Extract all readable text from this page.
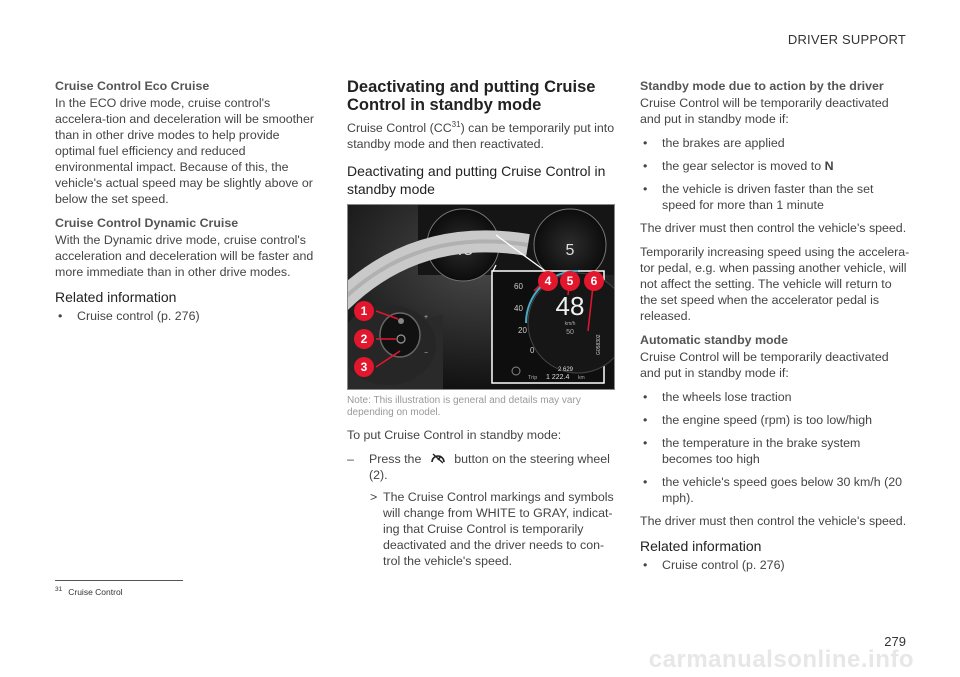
DRIVER SUPPORT
Cruise Control Eco Cruise

In the ECO drive mode, cruise control's accelera-tion and deceleration will be smoother than in other drive modes to help provide optimal fuel efficiency and reduced environmental impact. Because of this, the vehicle's actual speed may be slightly above or below the set speed.

Cruise Control Dynamic Cruise

With the Dynamic drive mode, cruise control's acceleration and deceleration will be faster and more immediate than in other drive modes.

Related information
• Cruise control (p. 276)
Deactivating and putting Cruise Control in standby mode

Cruise Control (CC$^{31}$) can be temporarily put into standby mode and then reactivated.

Deactivating and putting Cruise Control in standby mode
48	5
+
−
60
40
20
0
48
km/h
50
2 629
Trip 1 222.4 km
G058302
1
2
3
4 5 6

Note: This illustration is general and details may vary depending on model.

To put Cruise Control in standby mode:

– Press the	button on the steering wheel (2).
> The Cruise Control markings and symbols will change from WHITE to GRAY, indicat-ing that Cruise Control is temporarily deactivated and the driver needs to con-trol the vehicle's speed.
Standby mode due to action by the driver

Cruise Control will be temporarily deactivated and put in standby mode if:

• the brakes are applied
• the gear selector is moved to N
• the vehicle is driven faster than the set speed for more than 1 minute

The driver must then control the vehicle's speed.

Temporarily increasing speed using the accelera-tor pedal, e.g. when passing another vehicle, will not affect the setting. The vehicle will return to the set speed when the accelerator pedal is released.

Automatic standby mode

Cruise Control will be temporarily deactivated and put in standby mode if:

• the wheels lose traction
• the engine speed (rpm) is too low/high
• the temperature in the brake system becomes too high
• the vehicle's speed goes below 30 km/h (20 mph).

The driver must then control the vehicle's speed.

Related information
• Cruise control (p. 276)
$^{31}$ Cruise Control
279
carmanualsonline.info
